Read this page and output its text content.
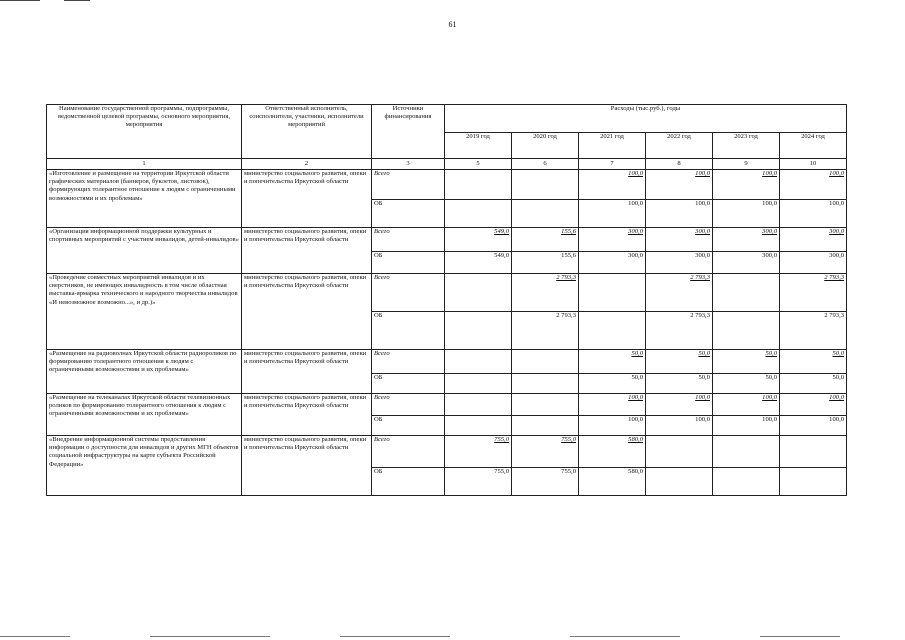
61
Наименование государственной программы, подпрограммы, ведомственной целевой программы, основного мероприятия, мероприятия	Ответственный исполнитель, соисполнители, участники, исполнители мероприятий	Источники финансирования	Расходы (тыс.руб.), годы					
			2019 год	2020 год	2021 год	2022 год	2023 год	2024 год
1	2	3	5	6	7	8	9	10
«Изготовление и размещение на территории Иркутской области графических материалов (баннеров, буклетов, листовок), формирующих толерантное отношение к людям с ограниченными возможностями и их проблемам»	министерство социального развития, опеки и попечительства Иркутской области	Всего			100,0	100,0	100,0	100,0
		ОБ			100,0	100,0	100,0	100,0
«Организация информационной поддержки культурных и спортивных мероприятий с участием инвалидов, детей-инвалидов»	министерство социального развития, опеки и попечительства Иркутской области	Всего	549,0	155,6	300,0	300,0	300,0	300,0
		ОБ	549,0	155,6	300,0	300,0	300,0	300,0
«Проведение совместных мероприятий инвалидов и их сверстников, не имеющих инвалидность в том числе областная выставка-ярмарка технического и народного творчества инвалидов «И невозможное возможно...», и др.)»	министерство социального развития, опеки и попечительства Иркутской области	Всего		2 793,3		2 793,3		2 793,3
		ОБ		2 793,3		2 793,3		2 793,3
«Размещение на радиоволнах Иркутской области радиороликов по формированию толерантного отношения к людям с ограниченными возможностями и их проблемам»	министерство социального развития, опеки и попечительства Иркутской области	Всего			50,0	50,0	50,0	50,0
		ОБ			50,0	50,0	50,0	50,0
«Размещение на телеканалах Иркутской области телевизионных роликов по формированию толерантного отношения к людям с ограниченными возможностями и их проблемам»	министерство социального развития, опеки и попечительства Иркутской области	Всего			100,0	100,0	100,0	100,0
		ОБ			100,0	100,0	100,0	100,0
«Внедрение информационной системы предоставления информации о доступности для инвалидов и других МГН объектов социальной инфраструктуры на карте субъекта Российской Федерации»	министерство социального развития, опеки и попечительства Иркутской области	Всего	755,0	755,0	580,0			
		ОБ	755,0	755,0	580,0			
